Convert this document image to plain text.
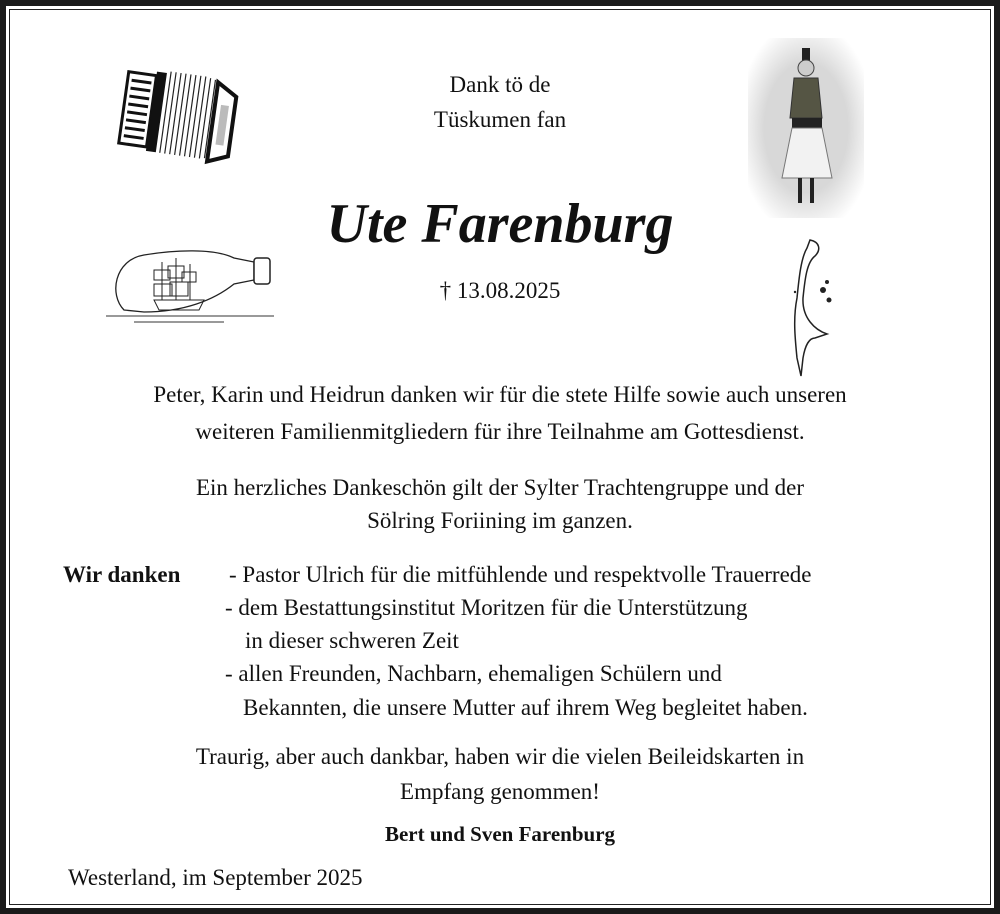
Dank tö de
Tüskumen fan
Ute Farenburg
† 13.08.2025
Peter, Karin und Heidrun danken wir für die stete Hilfe sowie auch unseren
weiteren Familienmitgliedern für ihre Teilnahme am Gottesdienst.
Ein herzliches Dankeschön gilt der Sylter Trachtengruppe und der
Sölring Foriining im ganzen.
Wir danken - Pastor Ulrich für die mitfühlende und respektvolle Trauerrede
- dem Bestattungsinstitut Moritzen für die Unterstützung
in dieser schweren Zeit
- allen Freunden, Nachbarn, ehemaligen Schülern und
Bekannten, die unsere Mutter auf ihrem Weg begleitet haben.
Traurig, aber auch dankbar, haben wir die vielen Beileidskarten in
Empfang genommen!
Bert und Sven Farenburg
Westerland, im September 2025
